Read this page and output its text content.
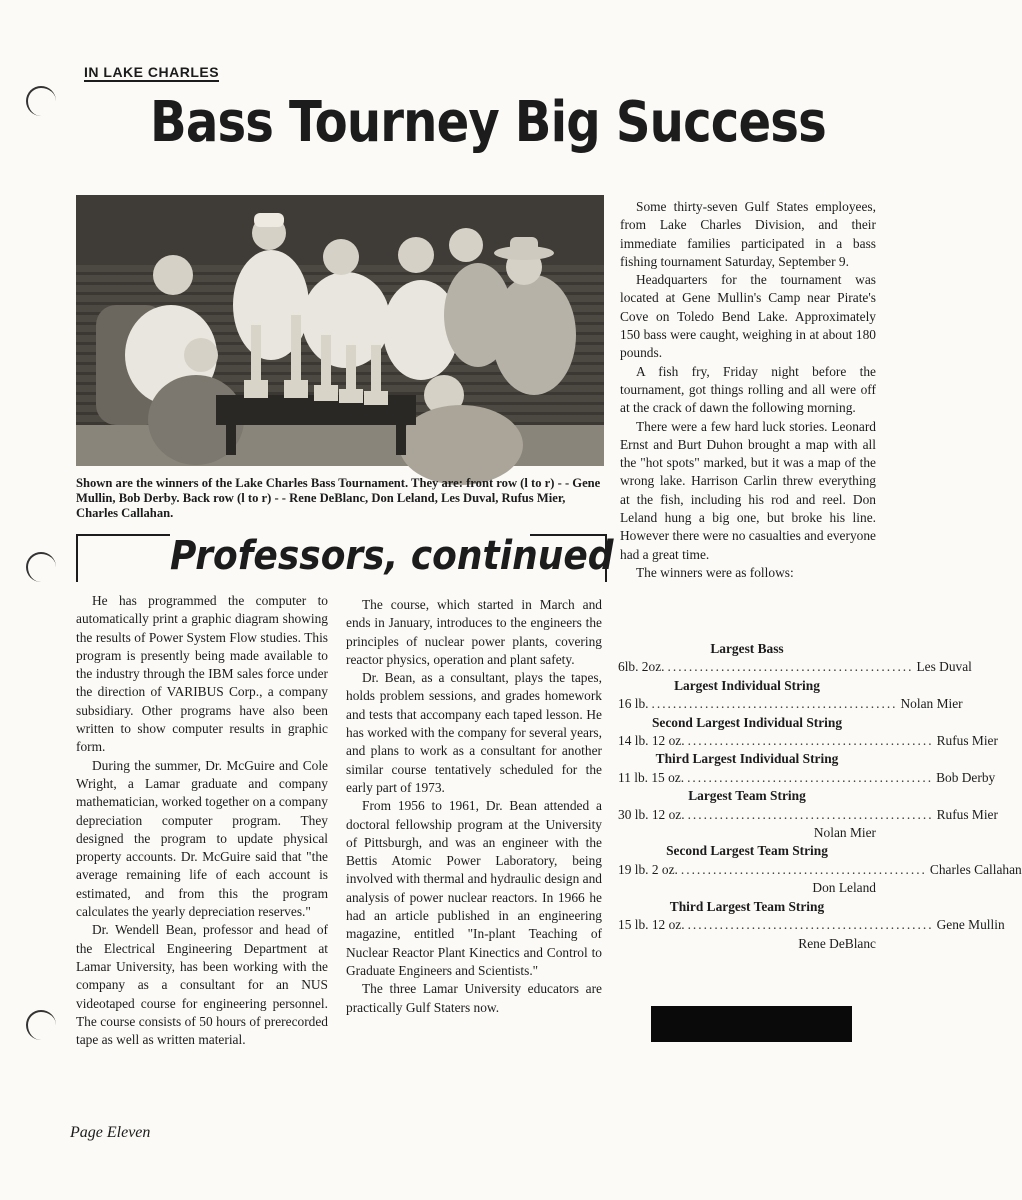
IN LAKE CHARLES
Bass Tourney Big Success
Shown are the winners of the Lake Charles Bass Tournament. They are: front row (l to r) - - Gene Mullin, Bob Derby. Back row (l to r) - - Rene DeBlanc, Don Leland, Les Duval, Rufus Mier, Charles Callahan.
Professors, continued

He has programmed the computer to automatically print a graphic diagram showing the results of Power System Flow studies. This program is presently being made available to the industry through the IBM sales force under the direction of VARIBUS Corp., a company subsidiary. Other programs have also been written to show computer results in graphic form.

During the summer, Dr. McGuire and Cole Wright, a Lamar graduate and company mathematician, worked together on a company depreciation computer program. They designed the program to update physical property accounts. Dr. McGuire said that "the average remaining life of each account is estimated, and from this the program calculates the yearly depreciation reserves."

Dr. Wendell Bean, professor and head of the Electrical Engineering Department at Lamar University, has been working with the company as a consultant for an NUS videotaped course for engineering personnel. The course consists of 50 hours of prerecorded tape as well as written material.

The course, which started in March and ends in January, introduces to the engineers the principles of nuclear power plants, covering reactor physics, operation and plant safety.

Dr. Bean, as a consultant, plays the tapes, holds problem sessions, and grades homework and tests that accompany each taped lesson. He has worked with the company for several years, and plans to work as a consultant for another similar course tentatively scheduled for the early part of 1973.

From 1956 to 1961, Dr. Bean attended a doctoral fellowship program at the University of Pittsburgh, and was an engineer with the Bettis Atomic Power Laboratory, being involved with thermal and hydraulic design and analysis of power nuclear reactors. In 1966 he had an article published in an engineering magazine, entitled "In-plant Teaching of Nuclear Reactor Plant Kinectics and Control to Graduate Engineers and Scientists."

The three Lamar University educators are practically Gulf Staters now.

Some thirty-seven Gulf States employees, from Lake Charles Division, and their immediate families participated in a bass fishing tournament Saturday, September 9.

Headquarters for the tournament was located at Gene Mullin's Camp near Pirate's Cove on Toledo Bend Lake. Approximately 150 bass were caught, weighing in at about 180 pounds.

A fish fry, Friday night before the tournament, got things rolling and all were off at the crack of dawn the following morning.

There were a few hard luck stories. Leonard Ernst and Burt Duhon brought a map with all the "hot spots" marked, but it was a map of the wrong lake. Harrison Carlin threw everything at the fish, including his rod and reel. Don Leland hung a big one, but broke his line. However there were no casualties and everyone had a great time.

The winners were as follows:

Largest Bass
6lb. 2oz. .............................................. Les Duval
Largest Individual String
16 lb. .............................................. Nolan Mier
Second Largest Individual String
14 lb. 12 oz. .............................................. Rufus Mier
Third Largest Individual String
11 lb. 15 oz. .............................................. Bob Derby
Largest Team String
30 lb. 12 oz. .............................................. Rufus Mier
Nolan Mier
Second Largest Team String
19 lb. 2 oz. .............................................. Charles Callahan
Don Leland
Third Largest Team String
15 lb. 12 oz. .............................................. Gene Mullin
Rene DeBlanc
Page Eleven
